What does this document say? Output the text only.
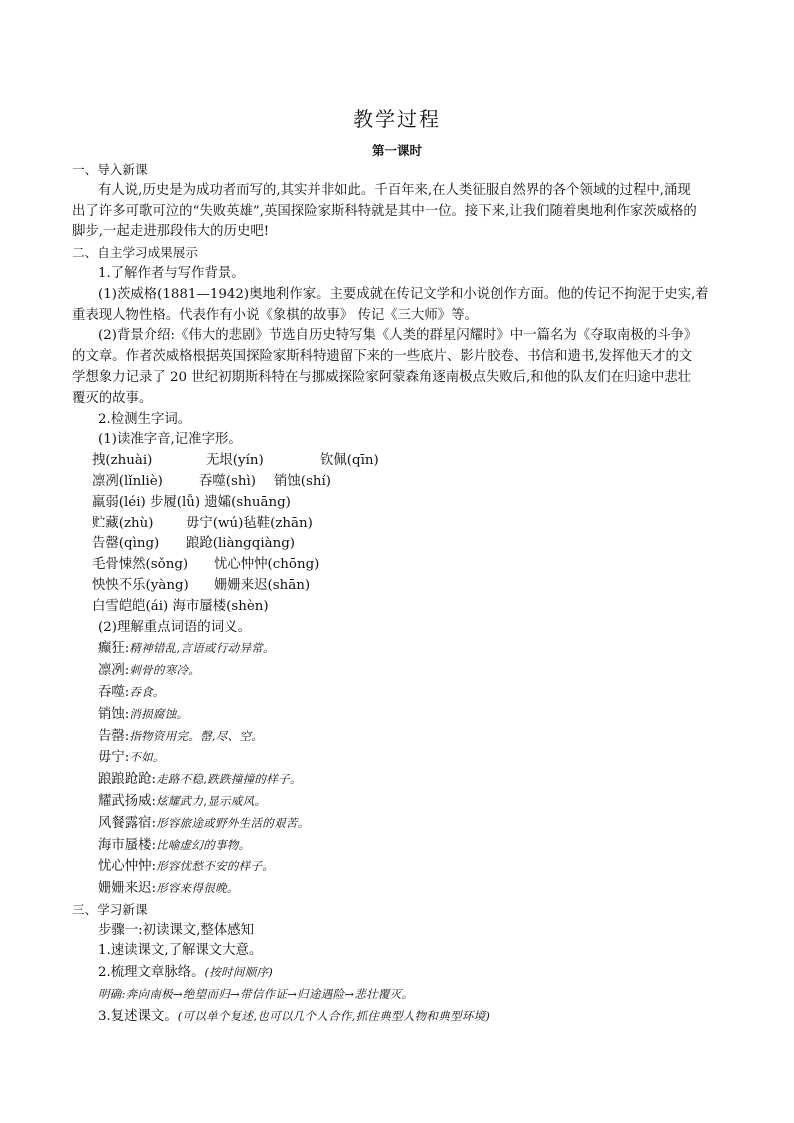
教学过程
第一课时
一、导入新课
有人说,历史是为成功者而写的,其实并非如此。千百年来,在人类征服自然界的各个领域的过程中,涌现
出了许多可歌可泣的“失败英雄”,英国探险家斯科特就是其中一位。接下来,让我们随着奥地利作家茨威格的
脚步,一起走进那段伟大的历史吧!
二、自主学习成果展示
1.了解作者与写作背景。
(1)茨威格(1881—1942)奥地利作家。主要成就在传记文学和小说创作方面。他的传记不拘泥于史实,着
重表现人物性格。代表作有小说《象棋的故事》 传记《三大师》等。
(2)背景介绍:《伟大的悲剧》节选自历史特写集《人类的群星闪耀时》中一篇名为《夺取南极的斗争》
的文章。作者茨威格根据英国探险家斯科特遗留下来的一些底片、影片胶卷、书信和遗书,发挥他天才的文
学想象力记录了 20 世纪初期斯科特在与挪威探险家阿蒙森角逐南极点失败后,和他的队友们在归途中悲壮
覆灭的故事。
2.检测生字词。
(1)读准字音,记准字形。
拽(zhuài)	无垠(yín)	钦佩(qīn)
凛冽(lǐnliè)	吞噬(shì)	销蚀(shí)
羸弱(léi) 步履(lǚ) 遗孀(shuāng)
贮藏(zhù)	毋宁(wú)毡鞋(zhān)
告罄(qìng)	踉跄(liàngqiàng)
毛骨悚然(sǒng)	忧心忡忡(chōng)
怏怏不乐(yàng)	姗姗来迟(shān)
白雪皑皑(ái) 海市蜃楼(shèn)
(2)理解重点词语的词义。
癫狂:精神错乱,言语或行动异常。
凛冽:刺骨的寒冷。
吞噬:吞食。
销蚀:消损腐蚀。
告罄:指物资用完。罄,尽、空。
毋宁:不如。
踉踉跄跄:走路不稳,跌跌撞撞的样子。
耀武扬威:炫耀武力,显示威风。
风餐露宿:形容旅途或野外生活的艰苦。
海市蜃楼:比喻虚幻的事物。
忧心忡忡:形容忧愁不安的样子。
姗姗来迟:形容来得很晚。
三、学习新课
步骤一:初读课文,整体感知
1.速读课文,了解课文大意。
2.梳理文章脉络。(按时间顺序)
明确:奔向南极→绝望而归→带信作证→归途遇险→悲壮覆灭。
3.复述课文。(可以单个复述,也可以几个人合作,抓住典型人物和典型环境)
